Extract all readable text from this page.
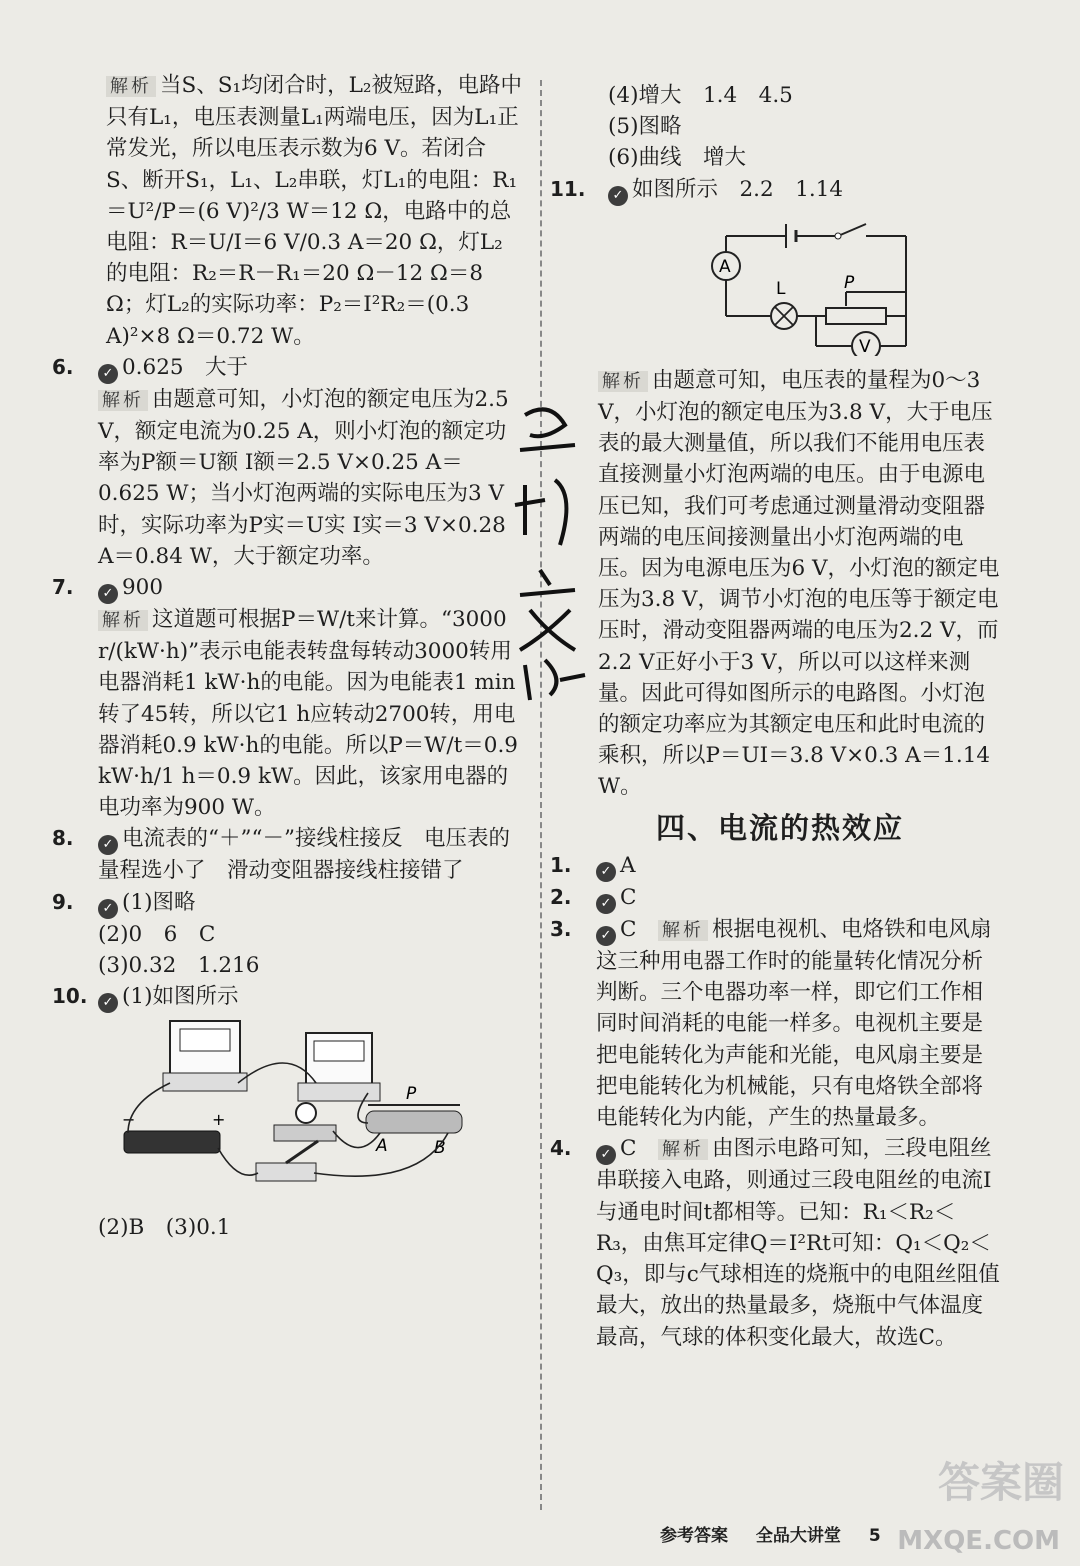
解析 当S、S₁均闭合时，L₂被短路，电路中只有L₁，电压表测量L₁两端电压，因为L₁正常发光，所以电压表示数为6 V。若闭合S、断开S₁，L₁、L₂串联，灯L₁的电阻：R₁＝U²/P＝(6 V)²/3 W＝12 Ω，电路中的总电阻：R＝U/I＝6 V/0.3 A＝20 Ω，灯L₂的电阻：R₂＝R－R₁＝20 Ω－12 Ω＝8 Ω；灯L₂的实际功率：P₂＝I²R₂＝(0.3 A)²×8 Ω＝0.72 W。
6.	✓ 0.625　大于
解析 由题意可知，小灯泡的额定电压为2.5 V，额定电流为0.25 A，则小灯泡的额定功率为P额＝U额 I额＝2.5 V×0.25 A＝0.625 W；当小灯泡两端的实际电压为3 V时，实际功率为P实＝U实 I实＝3 V×0.28 A＝0.84 W，大于额定功率。
7.	✓ 900
解析 这道题可根据P＝W/t来计算。“3000 r/(kW·h)”表示电能表转盘每转动3000转用电器消耗1 kW·h的电能。因为电能表1 min转了45转，所以它1 h应转动2700转，用电器消耗0.9 kW·h的电能。所以P＝W/t＝0.9 kW·h/1 h＝0.9 kW。因此，该家用电器的电功率为900 W。
8.	✓ 电流表的“＋”“－”接线柱接反　电压表的量程选小了　滑动变阻器接线柱接错了
9.	✓ (1)图略
(2)0　6　C
(3)0.32　1.216
10.	✓ (1)如图所示
−	+
P
A	B
(2)B　(3)0.1
(4)增大　1.4　4.5
(5)图略
(6)曲线　增大
11.	✓ 如图所示　2.2　1.14
A
L	P
V
解析 由题意可知，电压表的量程为0～3 V，小灯泡的额定电压为3.8 V，大于电压表的最大测量值，所以我们不能用电压表直接测量小灯泡两端的电压。由于电源电压已知，我们可考虑通过测量滑动变阻器两端的电压间接测量出小灯泡两端的电压。因为电源电压为6 V，小灯泡的额定电压为3.8 V，调节小灯泡的电压等于额定电压时，滑动变阻器两端的电压为2.2 V，而2.2 V正好小于3 V，所以可以这样来测量。因此可得如图所示的电路图。小灯泡的额定功率应为其额定电压和此时电流的乘积，所以P＝UI＝3.8 V×0.3 A＝1.14 W。
四、电流的热效应
1.	✓ A
2.	✓ C
3.	✓ C　 解析 根据电视机、电烙铁和电风扇这三种用电器工作时的能量转化情况分析判断。三个电器功率一样，即它们工作相同时间消耗的电能一样多。电视机主要是把电能转化为声能和光能，电风扇主要是把电能转化为机械能，只有电烙铁全部将电能转化为内能，产生的热量最多。
4.	✓ C　 解析 由图示电路可知，三段电阻丝串联接入电路，则通过三段电阻丝的电流I与通电时间t都相等。已知：R₁＜R₂＜R₃，由焦耳定律Q＝I²Rt可知：Q₁＜Q₂＜Q₃，即与c气球相连的烧瓶中的电阻丝阻值最大，放出的热量最多，烧瓶中气体温度最高，气球的体积变化最大，故选C。
参考答案 全品大讲堂 5
答案圈
MXQE.COM
